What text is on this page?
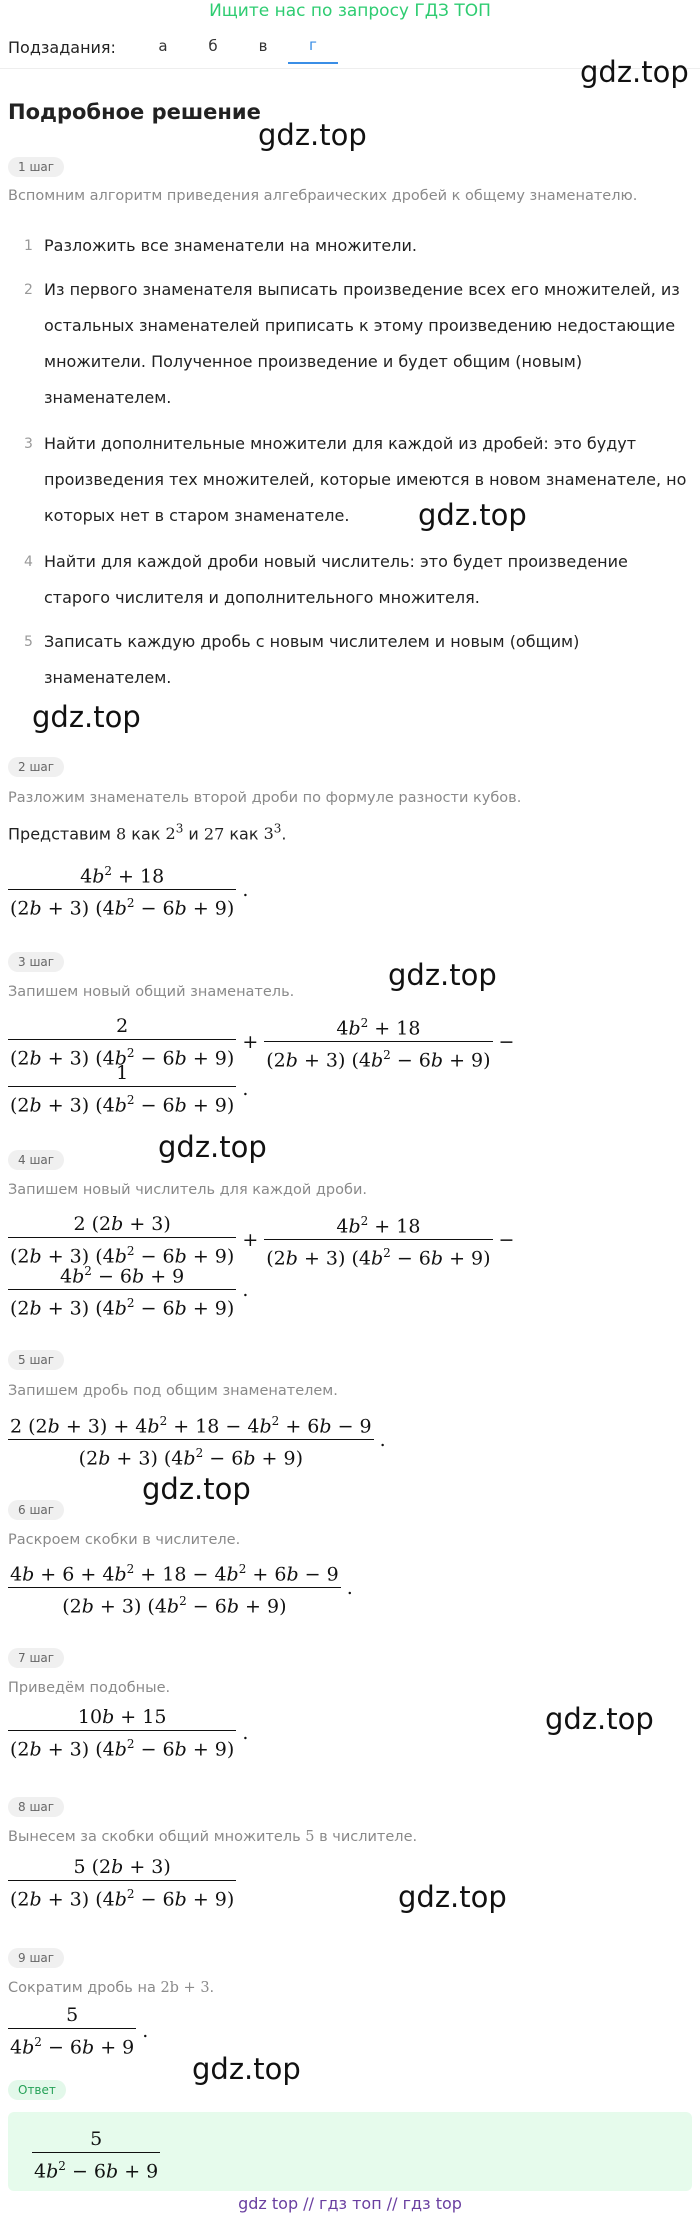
Ищите нас по запросу ГДЗ ТОП
Подзадания:	а	б	в	г
gdz.top
Подробное решение
gdz.top
1 шаг
Вспомним алгоритм приведения алгебраических дробей к общему знаменателю.
1 Разложить все знаменатели на множители.
2 Из первого знаменателя выписать произведение всех его множителей, из остальных знаменателей приписать к этому произведению недостающие множители. Полученное произведение и будет общим (новым) знаменателем.
3 Найти дополнительные множители для каждой из дробей: это будут произведения тех множителей, которые имеются в новом знаменателе, но которых нет в старом знаменателе.
4 Найти для каждой дроби новый числитель: это будет произведение старого числителя и дополнительного множителя.
5 Записать каждую дробь с новым числителем и новым (общим) знаменателем.
gdz.top
gdz.top
2 шаг
Разложим знаменатель второй дроби по формуле разности кубов.
Представим 8 как $2^3$ и 27 как $3^3$.
$\frac{4b^2 + 18}{(2b + 3) (4b^2 - 6b + 9)}$ .
3 шаг	gdz.top
Запишем новый общий знаменатель.
$\frac{2}{(2b + 3) (4b^2 - 6b + 9)} + \frac{4b^2 + 18}{(2b + 3) (4b^2 - 6b + 9)}$ −
$\frac{1}{(2b + 3) (4b^2 - 6b + 9)}$ .
gdz.top
4 шаг
Запишем новый числитель для каждой дроби.
$\frac{2 (2b + 3)}{(2b + 3) (4b^2 - 6b + 9)} + \frac{4b^2 + 18}{(2b + 3) (4b^2 - 6b + 9)}$ −
$\frac{4b^2 - 6b + 9}{(2b + 3) (4b^2 - 6b + 9)}$ .
5 шаг
Запишем дробь под общим знаменателем.
$\frac{2 (2b + 3) + 4b^2 + 18 - 4b^2 + 6b - 9}{(2b + 3) (4b^2 - 6b + 9)}$ .
gdz.top
6 шаг
Раскроем скобки в числителе.
$\frac{4b + 6 + 4b^2 + 18 - 4b^2 + 6b - 9}{(2b + 3) (4b^2 - 6b + 9)}$ .
7 шаг
Приведём подобные.
gdz.top
$\frac{10b + 15}{(2b + 3) (4b^2 - 6b + 9)}$ .
8 шаг
Вынесем за скобки общий множитель 5 в числителе.
$\frac{5 (2b + 3)}{(2b + 3) (4b^2 - 6b + 9)}$	gdz.top
9 шаг
Сократим дробь на 2b + 3.
$\frac{5}{4b^2 - 6b + 9}$ .
gdz.top
Ответ
$\frac{5}{4b^2 - 6b + 9}$
gdz top // гдз топ // гдз top
